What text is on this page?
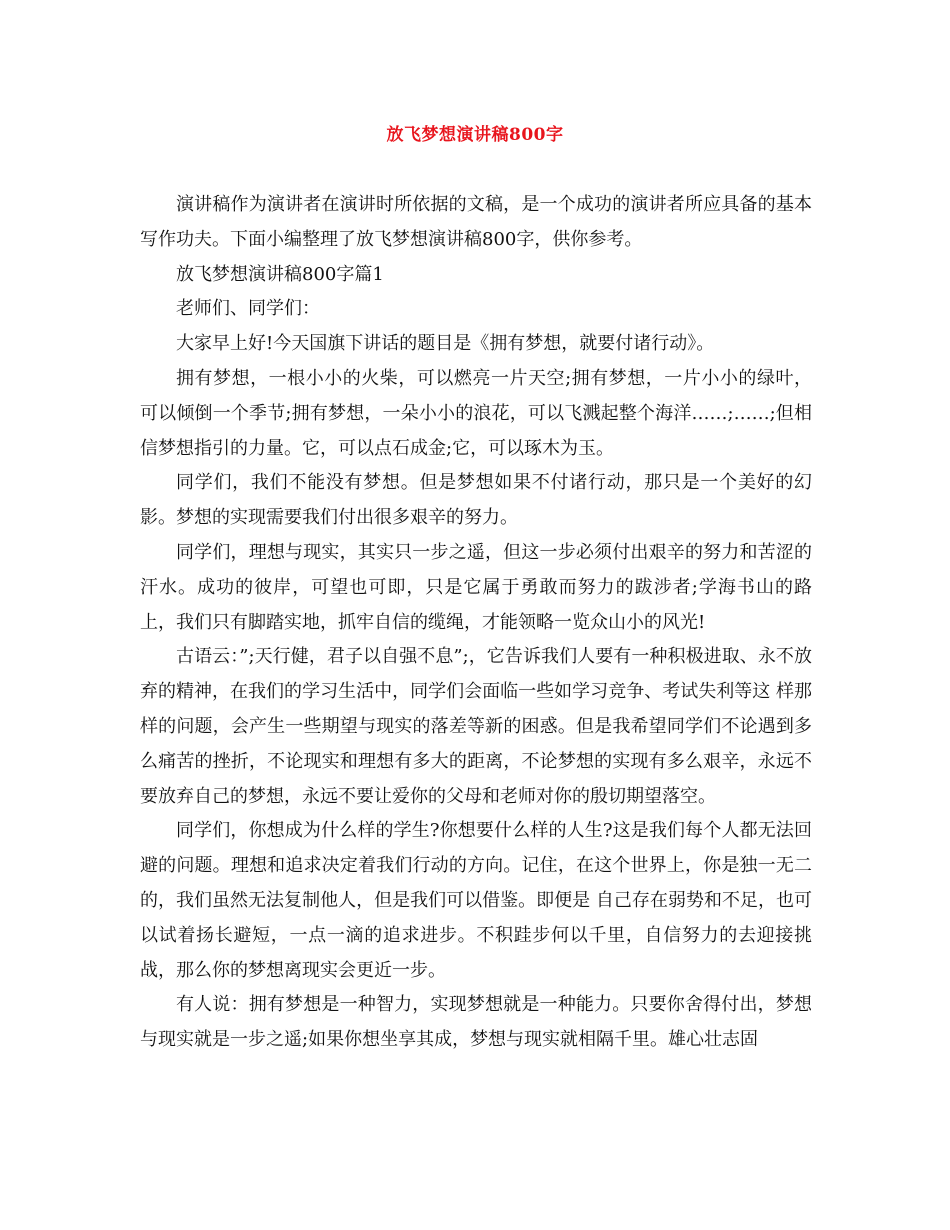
放飞梦想演讲稿800字

演讲稿作为演讲者在演讲时所依据的文稿，是一个成功的演讲者所应具备的基本写作功夫。下面小编整理了放飞梦想演讲稿800字，供你参考。

放飞梦想演讲稿800字篇1

老师们、同学们：

大家早上好!今天国旗下讲话的题目是《拥有梦想，就要付诸行动》。

拥有梦想，一根小小的火柴，可以燃亮一片天空;拥有梦想，一片小小的绿叶，可以倾倒一个季节;拥有梦想，一朵小小的浪花，可以飞溅起整个海洋……;……;但相信梦想指引的力量。它，可以点石成金;它，可以琢木为玉。

同学们，我们不能没有梦想。但是梦想如果不付诸行动，那只是一个美好的幻影。梦想的实现需要我们付出很多艰辛的努力。

同学们，理想与现实，其实只一步之遥，但这一步必须付出艰辛的努力和苦涩的汗水。成功的彼岸，可望也可即，只是它属于勇敢而努力的跋涉者;学海书山的路上，我们只有脚踏实地，抓牢自信的缆绳，才能领略一览众山小的风光!

古语云：”;天行健，君子以自强不息”;，它告诉我们人要有一种积极进取、永不放弃的精神，在我们的学习生活中，同学们会面临一些如学习竞争、考试失利等这 样那样的问题，会产生一些期望与现实的落差等新的困惑。但是我希望同学们不论遇到多么痛苦的挫折，不论现实和理想有多大的距离，不论梦想的实现有多么艰辛，永远不要放弃自己的梦想，永远不要让爱你的父母和老师对你的殷切期望落空。

同学们，你想成为什么样的学生?你想要什么样的人生?这是我们每个人都无法回避的问题。理想和追求决定着我们行动的方向。记住，在这个世界上，你是独一无二的，我们虽然无法复制他人，但是我们可以借鉴。即便是 自己存在弱势和不足，也可以试着扬长避短，一点一滴的追求进步。不积跬步何以千里，自信努力的去迎接挑战，那么你的梦想离现实会更近一步。

有人说：拥有梦想是一种智力，实现梦想就是一种能力。只要你舍得付出，梦想与现实就是一步之遥;如果你想坐享其成，梦想与现实就相隔千里。雄心壮志固
